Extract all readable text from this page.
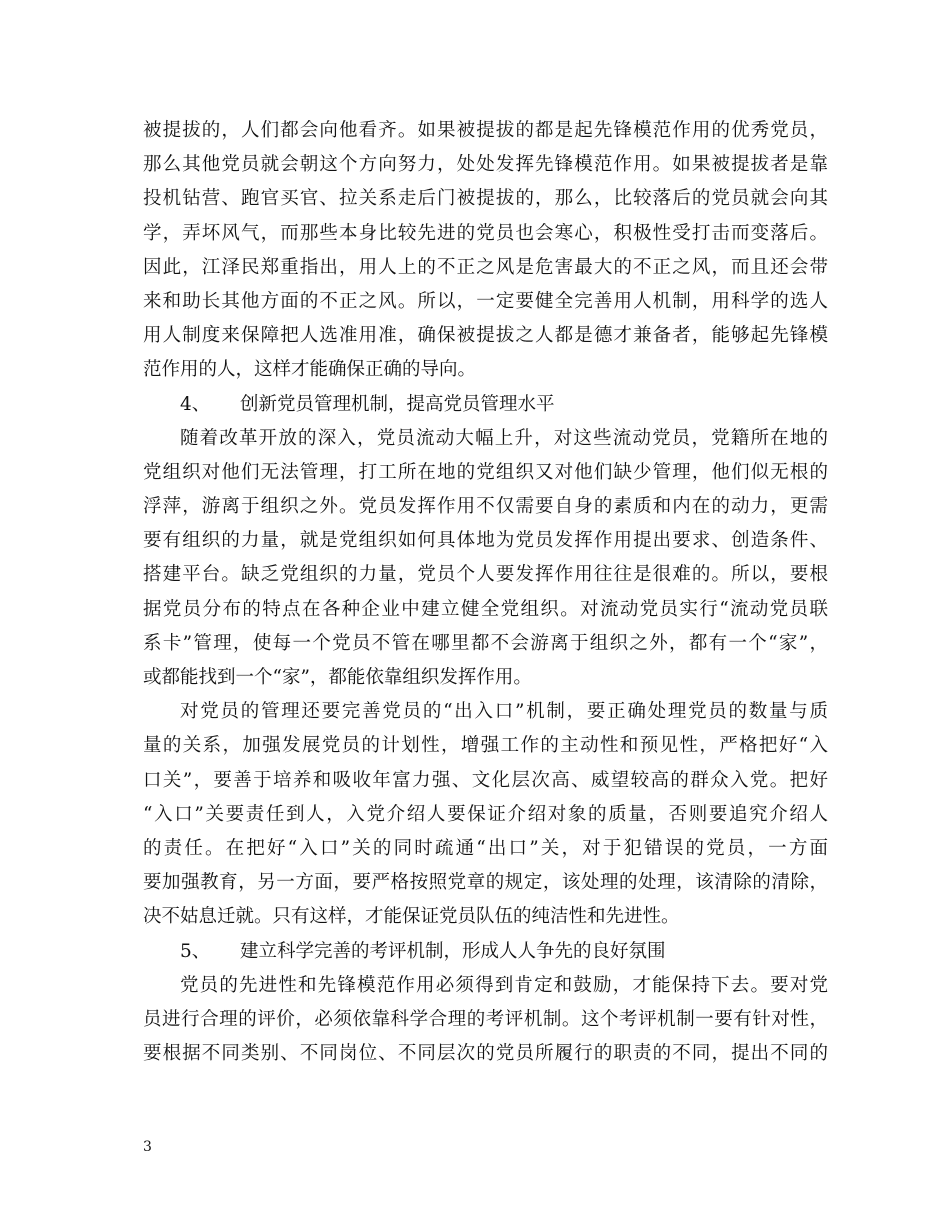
被提拔的，人们都会向他看齐。如果被提拔的都是起先锋模范作用的优秀党员，
那么其他党员就会朝这个方向努力，处处发挥先锋模范作用。如果被提拔者是靠
投机钻营、跑官买官、拉关系走后门被提拔的，那么，比较落后的党员就会向其
学，弄坏风气，而那些本身比较先进的党员也会寒心，积极性受打击而变落后。
因此，江泽民郑重指出，用人上的不正之风是危害最大的不正之风，而且还会带
来和助长其他方面的不正之风。所以，一定要健全完善用人机制，用科学的选人
用人制度来保障把人选准用准，确保被提拔之人都是德才兼备者，能够起先锋模
范作用的人，这样才能确保正确的导向。
4、 创新党员管理机制，提高党员管理水平
随着改革开放的深入，党员流动大幅上升，对这些流动党员，党籍所在地的
党组织对他们无法管理，打工所在地的党组织又对他们缺少管理，他们似无根的
浮萍，游离于组织之外。党员发挥作用不仅需要自身的素质和内在的动力，更需
要有组织的力量，就是党组织如何具体地为党员发挥作用提出要求、创造条件、
搭建平台。缺乏党组织的力量，党员个人要发挥作用往往是很难的。所以，要根
据党员分布的特点在各种企业中建立健全党组织。对流动党员实行“流动党员联
系卡”管理，使每一个党员不管在哪里都不会游离于组织之外，都有一个“家”，
或都能找到一个“家”，都能依靠组织发挥作用。
对党员的管理还要完善党员的“出入口”机制，要正确处理党员的数量与质
量的关系，加强发展党员的计划性，增强工作的主动性和预见性，严格把好“入
口关”，要善于培养和吸收年富力强、文化层次高、威望较高的群众入党。把好
“入口”关要责任到人，入党介绍人要保证介绍对象的质量，否则要追究介绍人
的责任。在把好“入口”关的同时疏通“出口”关，对于犯错误的党员，一方面
要加强教育，另一方面，要严格按照党章的规定，该处理的处理，该清除的清除，
决不姑息迁就。只有这样，才能保证党员队伍的纯洁性和先进性。
5、 建立科学完善的考评机制，形成人人争先的良好氛围
党员的先进性和先锋模范作用必须得到肯定和鼓励，才能保持下去。要对党
员进行合理的评价，必须依靠科学合理的考评机制。这个考评机制一要有针对性，
要根据不同类别、不同岗位、不同层次的党员所履行的职责的不同，提出不同的
3
